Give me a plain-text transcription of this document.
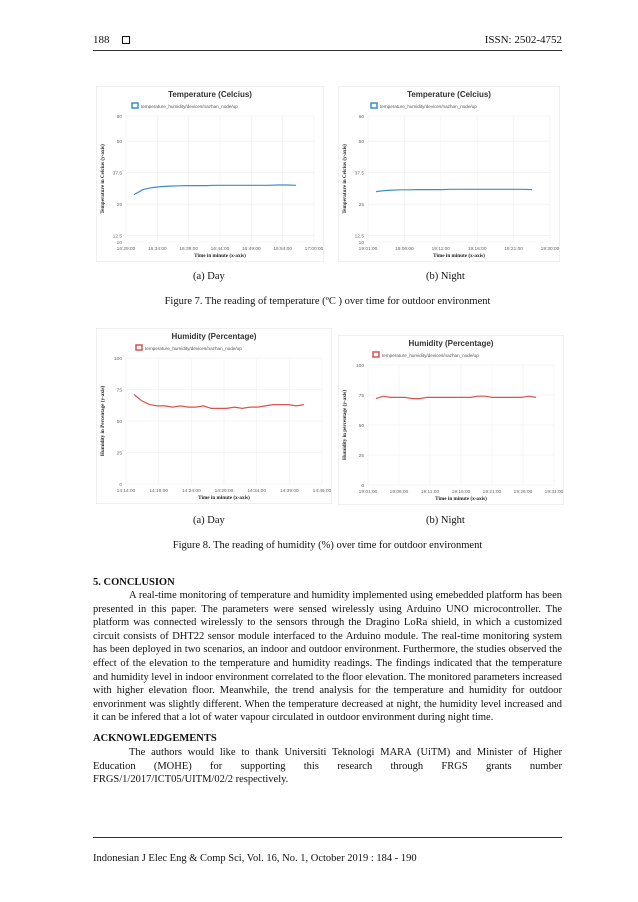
188	ISSN: 2502-4752
Temperature (Celcius)
temperature_humidity/devices/nazhan_node/up
10
12.5
25
37.5
50
60
16:29:00	16:34:00	16:39:00	16:44:00	16:49:00	16:54:00	17:00:00
Time in minute (x-axis)
Temperature in Celcius (y-axis)
Temperature (Celcius)
temperature_humidity/devices/nazhan_node/up
10
12.5
25
37.5
50
60
19:01:00	19:06:00	19:11:00	19:16:00	19:21:00	19:30:00
Time in minute (x-axis)
Temperature in Celcius (y-axis)
(a) Day	(b) Night
Figure 7. The reading of temperature (ºC ) over time for outdoor environment
Humidity (Percentage)
temperature_humidity/devices/nazhan_node/up
0
25
50
75
100
14:14:00	14:19:00	14:24:00	14:29:00	14:34:00	14:39:00	14:45:00
Time in minute (x-axis)
Humidity in Percentage (y-axis)
Humidity (Percentage)
temperature_humidity/devices/nazhan_node/up
0
25
50
75
100
19:01:00	19:06:00	19:11:00	19:16:00	19:21:00	19:26:00	19:31:00
Time in minute (x-axis)
Humidity in percentage (y-axis)
(a) Day	(b) Night
Figure 8. The reading of humidity (%) over time for outdoor environment
5. CONCLUSION
A real-time monitoring of temperature and humidity implemented using emebedded platform has been presented in this paper. The parameters were sensed wirelessly using Arduino UNO microcontroller. The platform was connected wirelessly to the sensors through the Dragino LoRa shield, in which a customized circuit consists of DHT22 sensor module interfaced to the Arduino module. The real-time monitoring system has been deployed in two scenarios, an indoor and outdoor environment. Furthermore, the studies observed the effect of the elevation to the temperature and humidity readings. The findings indicated that the temperature and humidity level in indoor environment correlated to the floor elevation. The monitored parameters increased with higher elevation floor. Meanwhile, the trend analysis for the temperature and humidity for outdoor envorinment was slightly different. When the temperature decreased at night, the humidity level increased and it can be infered that a lot of water vapour circulated in outdoor environment during night time.
ACKNOWLEDGEMENTS
The authors would like to thank Universiti Teknologi MARA (UiTM) and Minister of Higher Education (MOHE) for supporting this research through FRGS grants number FRGS/1/2017/ICT05/UITM/02/2 respectively.
Indonesian J Elec Eng & Comp Sci, Vol. 16, No. 1, October 2019 : 184 - 190
